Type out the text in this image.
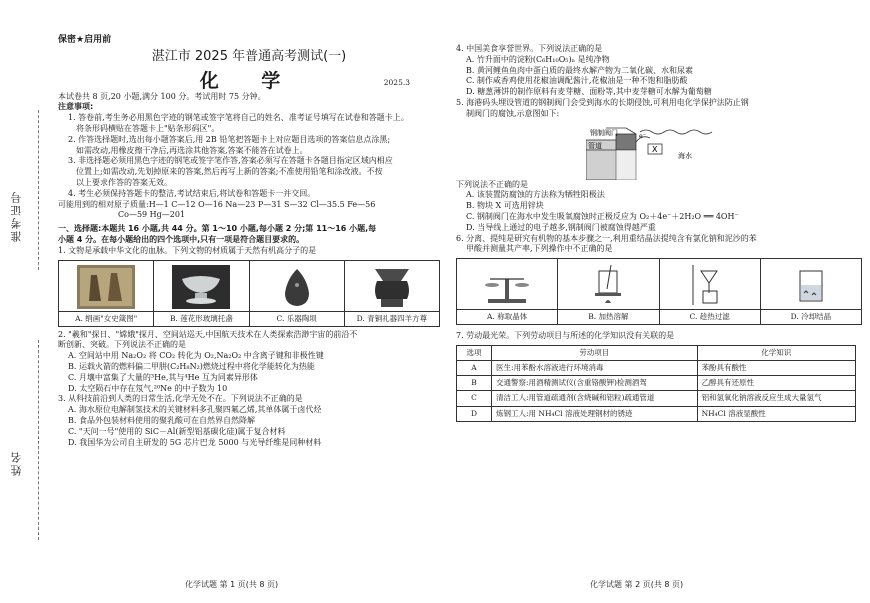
准考证号
姓名
保密★启用前
湛江市 2025 年普通高考测试(一)
化 学	2025.3
本试卷共 8 页,20 小题,满分 100 分。考试用时 75 分钟。
注意事项:
1. 答卷前,考生务必用黑色字迹的钢笔或签字笔将自己的姓名、准考证号填写在试卷和答题卡上。
将条形码横贴在答题卡上"贴条形码区"。
2. 作答选择题时,选出每小题答案后,用 2B 铅笔把答题卡上对应题目选项的答案信息点涂黑;
如需改动,用橡皮擦干净后,再选涂其他答案,答案不能答在试卷上。
3. 非选择题必须用黑色字迹的钢笔或签字笔作答,答案必须写在答题卡各题目指定区域内相应
位置上;如需改动,先划掉原来的答案,然后再写上新的答案;不准使用铅笔和涂改液。不按
以上要求作答的答案无效。
4. 考生必须保持答题卡的整洁,考试结束后,将试卷和答题卡一并交回。
可能用到的相对原子质量:H—1 C—12 O—16 Na—23 P—31 S—32 Cl—35.5 Fe—56
Co—59 Hg—201
一、选择题:本题共 16 小题,共 44 分。第 1～10 小题,每小题 2 分;第 11～16 小题,每
小题 4 分。在每小题给出的四个选项中,只有一项是符合题目要求的。
1. 文物是承载中华文化的血脉。下列文物的材质属于天然有机高分子的是
A. 绢画"女史箴图"	B. 莲花形玻璃托盏	C. 乐器陶埙	D. 青铜礼器四羊方尊
2. "羲和"探日、"嫦娥"探月、空间站巡天,中国航天技术在人类探索浩渺宇宙的前沿不
断创新、突破。下列说法不正确的是
A. 空间站中用 Na₂O₂ 将 CO₂ 转化为 O₂,Na₂O₂ 中含离子键和非极性键
B. 运载火箭的燃料偏二甲肼(C₂H₈N₂)燃烧过程中将化学能转化为热能
C. 月壤中富集了大量的³He,其与⁴He 互为同素异形体
D. 太空陨石中存在氖气,²⁰Ne 的中子数为 10
3. 从科技前沿到人类的日常生活,化学无处不在。下列说法不正确的是
A. 海水原位电解制氢技术的关键材料多孔聚四氟乙烯,其单体属于卤代烃
B. 食品外包装材料使用的聚乳酸可在自然界自然降解
C. "天问一号"使用的 SiC－Al(新型铝基碳化硅)属于复合材料
D. 我国华为公司自主研发的 5G 芯片巴龙 5000 与光导纤维是同种材料
化学试题 第 1 页(共 8 页)
4. 中国美食享誉世界。下列说法正确的是
A. 竹升面中的淀粉(C₆H₁₀O₅)ₙ 是纯净物
B. 黄河鲤鱼鱼肉中蛋白质的最终水解产物为二氧化碳、水和尿素
C. 制作咸香鸡使用花椒油调配酱汁,花椒油是一种不饱和脂肪酸
D. 糖葱薄饼的制作原料有麦芽糖、面粉等,其中麦芽糖可水解为葡萄糖
5. 海港码头埋设管道的钢制阀门会受到海水的长期侵蚀,可利用电化学保护法防止钢
制阀门的腐蚀,示意图如下:
X
e⁻
钢制阀门
管道
海水
下列说法不正确的是
A. 该装置防腐蚀的方法称为牺牲阳极法
B. 物块 X 可选用锌块
C. 钢制阀门在海水中发生吸氧腐蚀时正极反应为 O₂＋4e⁻＋2H₂O ══ 4OH⁻
D. 当导线上通过的电子越多,钢制阀门被腐蚀得越严重
6. 分离、提纯是研究有机物的基本步骤之一,利用重结晶法提纯含有氯化钠和泥沙的苯
甲酸并测量其产率,下列操作中不正确的是
A. 称取晶体	B. 加热溶解	C. 趁热过滤	D. 冷却结晶
7. 劳动最光荣。下列劳动项目与所述的化学知识没有关联的是
选项	劳动项目	化学知识
A	医生:用苯酚水溶液进行环境消毒	苯酚具有酸性
B	交通警察:用酒精测试仪(含重铬酸钾)检测酒驾	乙醇具有还原性
C	清洁工人:用管道疏通剂(含烧碱和铝粒)疏通管道	铝和氢氧化钠溶液反应生成大量氢气
D	炼钢工人:用 NH₄Cl 溶液处理钢材的锈迹	NH₄Cl 溶液显酸性
化学试题 第 2 页(共 8 页)
